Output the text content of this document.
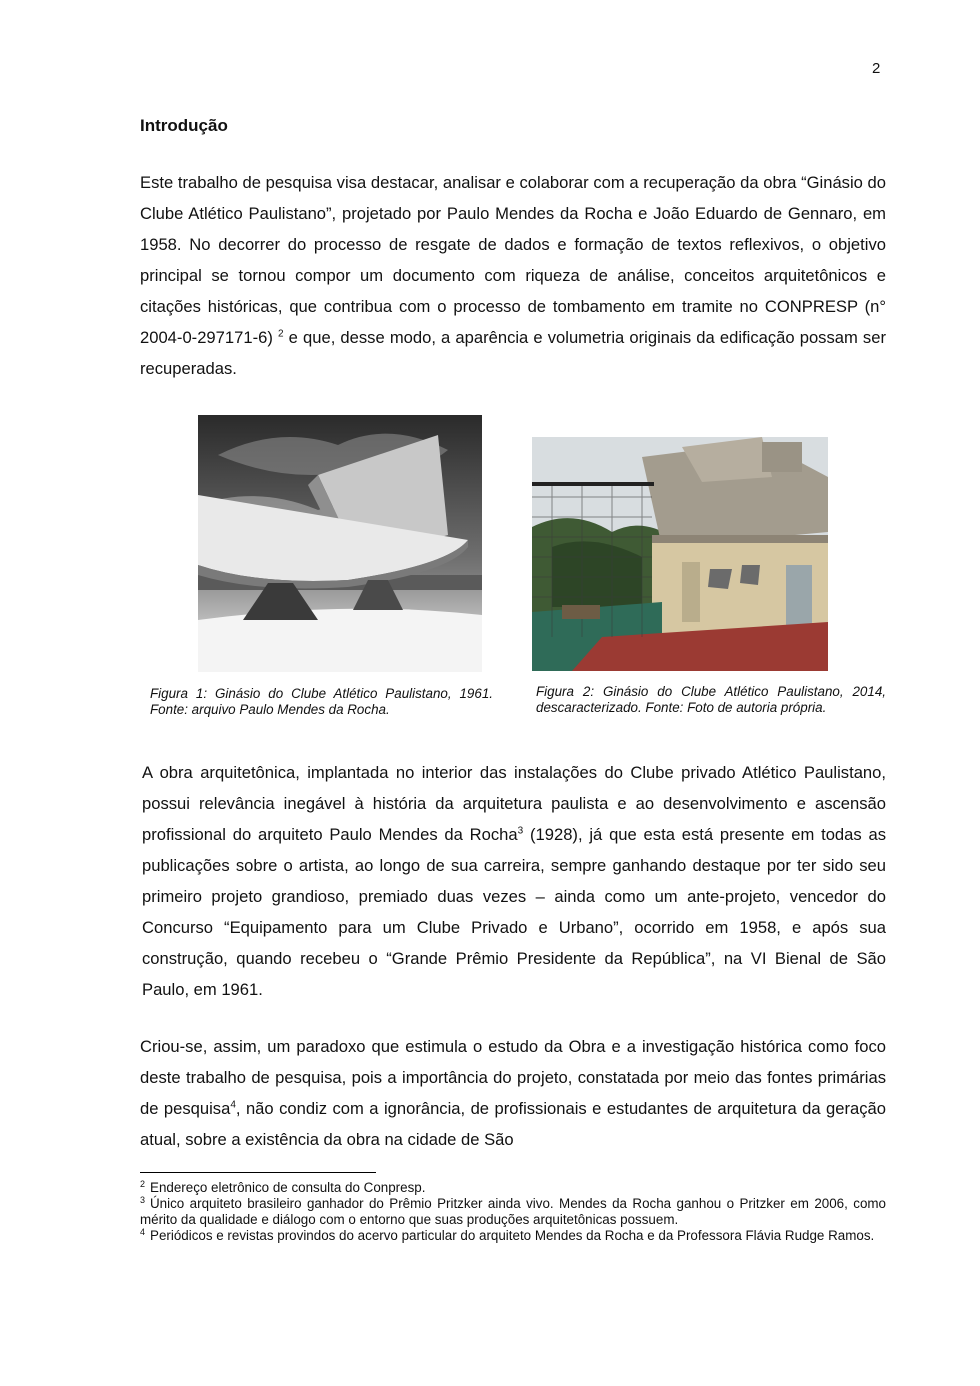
2
Introdução

Este trabalho de pesquisa visa destacar, analisar e colaborar com a recuperação da obra “Ginásio do Clube Atlético Paulistano”, projetado por Paulo Mendes da Rocha e João Eduardo de Gennaro, em 1958. No decorrer do processo de resgate de dados e formação de textos reflexivos, o objetivo principal se tornou compor um documento com riqueza de análise, conceitos arquitetônicos e citações históricas, que contribua com o processo de tombamento em tramite no CONPRESP (n° 2004-0-297171-6) $^2$ e que, desse modo, a aparência e volumetria originais da edificação possam ser recuperadas.

Figura 1: Ginásio do Clube Atlético Paulistano, 1961. Fonte: arquivo Paulo Mendes da Rocha.
Figura 2: Ginásio do Clube Atlético Paulistano, 2014, descaracterizado. Fonte: Foto de autoria própria.

A obra arquitetônica, implantada no interior das instalações do Clube privado Atlético Paulistano, possui relevância inegável à história da arquitetura paulista e ao desenvolvimento e ascensão profissional do arquiteto Paulo Mendes da Rocha$^3$ (1928), já que esta está presente em todas as publicações sobre o artista, ao longo de sua carreira, sempre ganhando destaque por ter sido seu primeiro projeto grandioso, premiado duas vezes – ainda como um ante-projeto, vencedor do Concurso “Equipamento para um Clube Privado e Urbano”, ocorrido em 1958, e após sua construção, quando recebeu o “Grande Prêmio Presidente da República”, na VI Bienal de São Paulo, em 1961.

Criou-se, assim, um paradoxo que estimula o estudo da Obra e a investigação histórica como foco deste trabalho de pesquisa, pois a importância do projeto, constatada por meio das fontes primárias de pesquisa$^4$, não condiz com a ignorância, de profissionais e estudantes de arquitetura da geração atual, sobre a existência da obra na cidade de São

$^2$ Endereço eletrônico de consulta do Conpresp.

$^3$ Único arquiteto brasileiro ganhador do Prêmio Pritzker ainda vivo. Mendes da Rocha ganhou o Pritzker em 2006, como mérito da qualidade e diálogo com o entorno que suas produções arquitetônicas possuem.

$^4$ Periódicos e revistas provindos do acervo particular do arquiteto Mendes da Rocha e da Professora Flávia Rudge Ramos.
